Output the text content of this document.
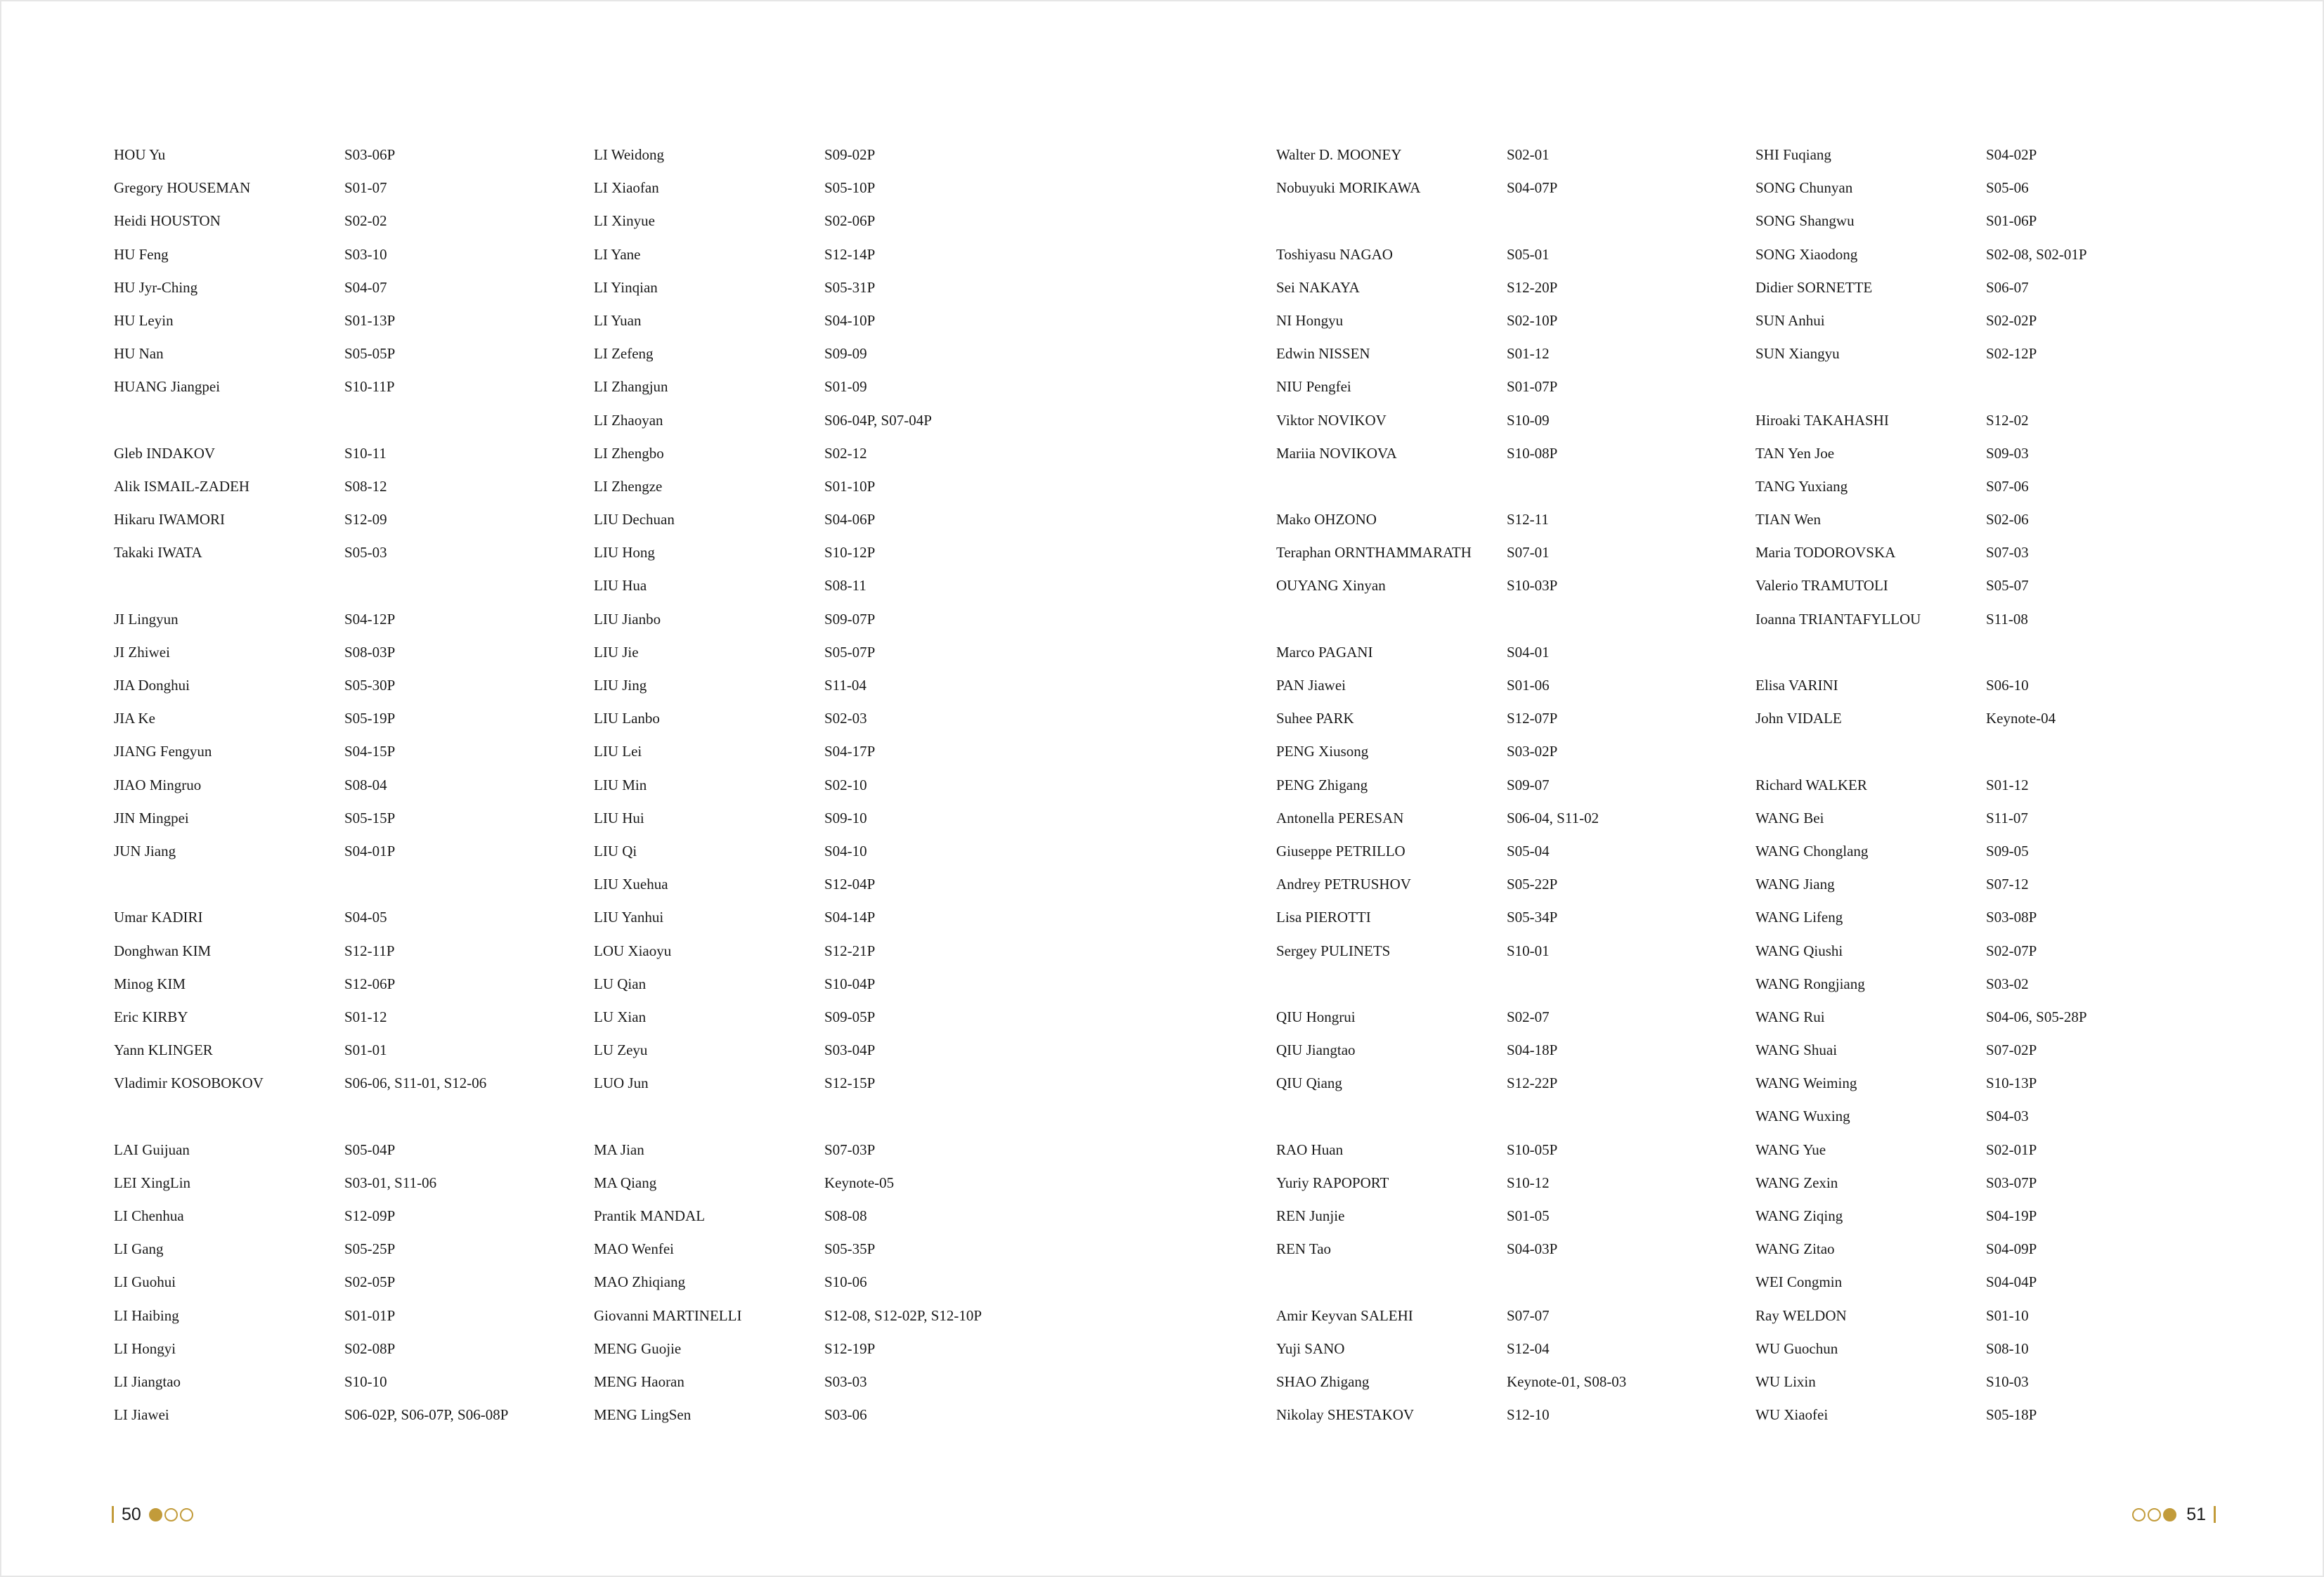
HOU Yu	S03-06P
Gregory HOUSEMAN	S01-07
Heidi HOUSTON	S02-02
HU Feng	S03-10
HU Jyr-Ching	S04-07
HU Leyin	S01-13P
HU Nan	S05-05P
HUANG Jiangpei	S10-11P
Gleb INDAKOV	S10-11
Alik ISMAIL-ZADEH	S08-12
Hikaru IWAMORI	S12-09
Takaki IWATA	S05-03
JI Lingyun	S04-12P
JI Zhiwei	S08-03P
JIA Donghui	S05-30P
JIA Ke	S05-19P
JIANG Fengyun	S04-15P
JIAO Mingruo	S08-04
JIN Mingpei	S05-15P
JUN Jiang	S04-01P
Umar KADIRI	S04-05
Donghwan KIM	S12-11P
Minog KIM	S12-06P
Eric KIRBY	S01-12
Yann KLINGER	S01-01
Vladimir KOSOBOKOV	S06-06, S11-01, S12-06
LAI Guijuan	S05-04P
LEI XingLin	S03-01, S11-06
LI Chenhua	S12-09P
LI Gang	S05-25P
LI Guohui	S02-05P
LI Haibing	S01-01P
LI Hongyi	S02-08P
LI Jiangtao	S10-10
LI Jiawei	S06-02P, S06-07P, S06-08P
LI Weidong	S09-02P
LI Xiaofan	S05-10P
LI Xinyue	S02-06P
LI Yane	S12-14P
LI Yinqian	S05-31P
LI Yuan	S04-10P
LI Zefeng	S09-09
LI Zhangjun	S01-09
LI Zhaoyan	S06-04P, S07-04P
LI Zhengbo	S02-12
LI Zhengze	S01-10P
LIU Dechuan	S04-06P
LIU Hong	S10-12P
LIU Hua	S08-11
LIU Jianbo	S09-07P
LIU Jie	S05-07P
LIU Jing	S11-04
LIU Lanbo	S02-03
LIU Lei	S04-17P
LIU Min	S02-10
LIU Hui	S09-10
LIU Qi	S04-10
LIU Xuehua	S12-04P
LIU Yanhui	S04-14P
LOU Xiaoyu	S12-21P
LU Qian	S10-04P
LU Xian	S09-05P
LU Zeyu	S03-04P
LUO Jun	S12-15P
MA Jian	S07-03P
MA Qiang	Keynote-05
Prantik MANDAL	S08-08
MAO Wenfei	S05-35P
MAO Zhiqiang	S10-06
Giovanni MARTINELLI	S12-08, S12-02P, S12-10P
MENG Guojie	S12-19P
MENG Haoran	S03-03
MENG LingSen	S03-06
Walter D. MOONEY	S02-01
Nobuyuki MORIKAWA	S04-07P
Toshiyasu NAGAO	S05-01
Sei NAKAYA	S12-20P
NI Hongyu	S02-10P
Edwin NISSEN	S01-12
NIU Pengfei	S01-07P
Viktor NOVIKOV	S10-09
Mariia NOVIKOVA	S10-08P
Mako OHZONO	S12-11
Teraphan ORNTHAMMARATH S07-01
OUYANG Xinyan	S10-03P
Marco PAGANI	S04-01
PAN Jiawei	S01-06
Suhee PARK	S12-07P
PENG Xiusong	S03-02P
PENG Zhigang	S09-07
Antonella PERESAN	S06-04, S11-02
Giuseppe PETRILLO	S05-04
Andrey PETRUSHOV	S05-22P
Lisa PIEROTTI	S05-34P
Sergey PULINETS	S10-01
QIU Hongrui	S02-07
QIU Jiangtao	S04-18P
QIU Qiang	S12-22P
RAO Huan	S10-05P
Yuriy RAPOPORT	S10-12
REN Junjie	S01-05
REN Tao	S04-03P
Amir Keyvan SALEHI	S07-07
Yuji SANO	S12-04
SHAO Zhigang	Keynote-01, S08-03
Nikolay SHESTAKOV	S12-10
SHI Fuqiang	S04-02P
SONG Chunyan	S05-06
SONG Shangwu	S01-06P
SONG Xiaodong	S02-08, S02-01P
Didier SORNETTE	S06-07
SUN Anhui	S02-02P
SUN Xiangyu	S02-12P
Hiroaki TAKAHASHI	S12-02
TAN Yen Joe	S09-03
TANG Yuxiang	S07-06
TIAN Wen	S02-06
Maria TODOROVSKA	S07-03
Valerio TRAMUTOLI	S05-07
Ioanna TRIANTAFYLLOU	S11-08
Elisa VARINI	S06-10
John VIDALE	Keynote-04
Richard WALKER	S01-12
WANG Bei	S11-07
WANG Chonglang	S09-05
WANG Jiang	S07-12
WANG Lifeng	S03-08P
WANG Qiushi	S02-07P
WANG Rongjiang	S03-02
WANG Rui	S04-06, S05-28P
WANG Shuai	S07-02P
WANG Weiming	S10-13P
WANG Wuxing	S04-03
WANG Yue	S02-01P
WANG Zexin	S03-07P
WANG Ziqing	S04-19P
WANG Zitao	S04-09P
WEI Congmin	S04-04P
Ray WELDON	S01-10
WU Guochun	S08-10
WU Lixin	S10-03
WU Xiaofei	S05-18P
50	51
